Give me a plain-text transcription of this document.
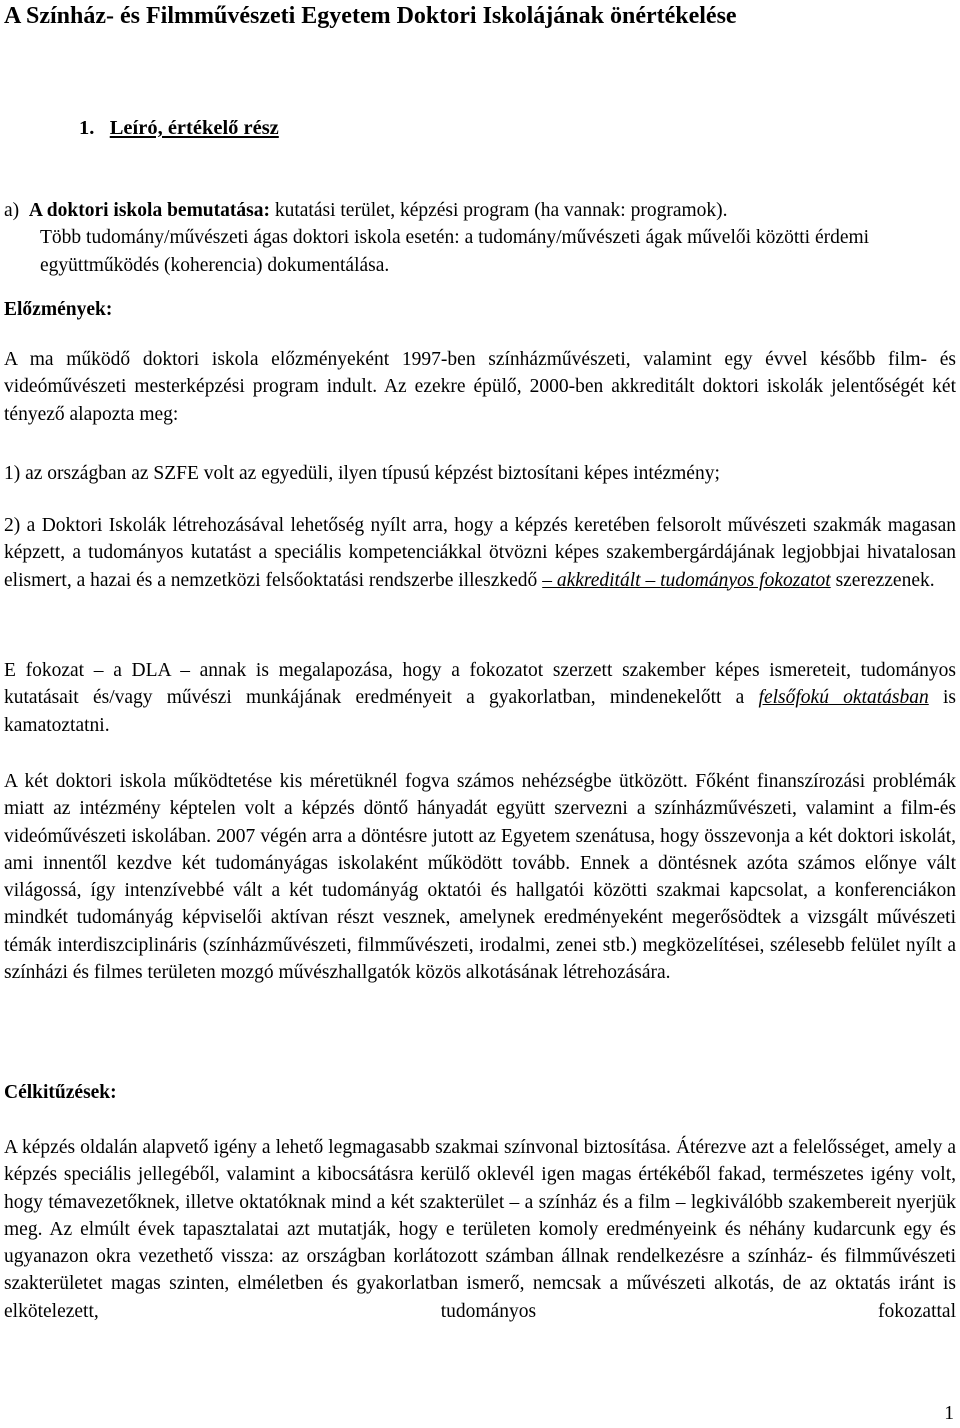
A Színház- és Filmművészeti Egyetem Doktori Iskolájának önértékelése

1. Leíró, értékelő rész

a) A doktori iskola bemutatása: kutatási terület, képzési program (ha vannak: programok).
Több tudomány/művészeti ágas doktori iskola esetén: a tudomány/művészeti ágak művelői közötti érdemi együttműködés (koherencia) dokumentálása.

Előzmények:

A ma működő doktori iskola előzményeként 1997-ben színházművészeti, valamint egy évvel később film- és videóművészeti mesterképzési program indult. Az ezekre épülő, 2000-ben akkreditált doktori iskolák jelentőségét két tényező alapozta meg:

1) az országban az SZFE volt az egyedüli, ilyen típusú képzést biztosítani képes intézmény;

2) a Doktori Iskolák létrehozásával lehetőség nyílt arra, hogy a képzés keretében felsorolt művészeti szakmák magasan képzett, a tudományos kutatást a speciális kompetenciákkal ötvözni képes szakembergárdájának legjobbjai hivatalosan elismert, a hazai és a nemzetközi felsőoktatási rendszerbe illeszkedő – akkreditált – tudományos fokozatot szerezzenek.

E fokozat – a DLA – annak is megalapozása, hogy a fokozatot szerzett szakember képes ismereteit, tudományos kutatásait és/vagy művészi munkájának eredményeit a gyakorlatban, mindenekelőtt a felsőfokú oktatásban is kamatoztatni.

A két doktori iskola működtetése kis méretüknél fogva számos nehézségbe ütközött. Főként finanszírozási problémák miatt az intézmény képtelen volt a képzés döntő hányadát együtt szervezni a színházművészeti, valamint a film-és videóművészeti iskolában. 2007 végén arra a döntésre jutott az Egyetem szenátusa, hogy összevonja a két doktori iskolát, ami innentől kezdve két tudományágas iskolaként működött tovább. Ennek a döntésnek azóta számos előnye vált világossá, így intenzívebbé vált a két tudományág oktatói és hallgatói közötti szakmai kapcsolat, a konferenciákon mindkét tudományág képviselői aktívan részt vesznek, amelynek eredményeként megerősödtek a vizsgált művészeti témák interdiszciplináris (színházművészeti, filmművészeti, irodalmi, zenei stb.) megközelítései, szélesebb felület nyílt a színházi és filmes területen mozgó művészhallgatók közös alkotásának létrehozására.

Célkitűzések:

A képzés oldalán alapvető igény a lehető legmagasabb szakmai színvonal biztosítása. Átérezve azt a felelősséget, amely a képzés speciális jellegéből, valamint a kibocsátásra kerülő oklevél igen magas értékéből fakad, természetes igény volt, hogy témavezetőknek, illetve oktatóknak mind a két szakterület – a színház és a film – legkiválóbb szakembereit nyerjük meg. Az elmúlt évek tapasztalatai azt mutatják, hogy e területen komoly eredményeink és néhány kudarcunk egy és ugyanazon okra vezethető vissza: az országban korlátozott számban állnak rendelkezésre a színház- és filmművészeti szakterületet magas szinten, elméletben és gyakorlatban ismerő, nemcsak a művészeti alkotás, de az oktatás iránt is elkötelezett, tudományos fokozattal

1
